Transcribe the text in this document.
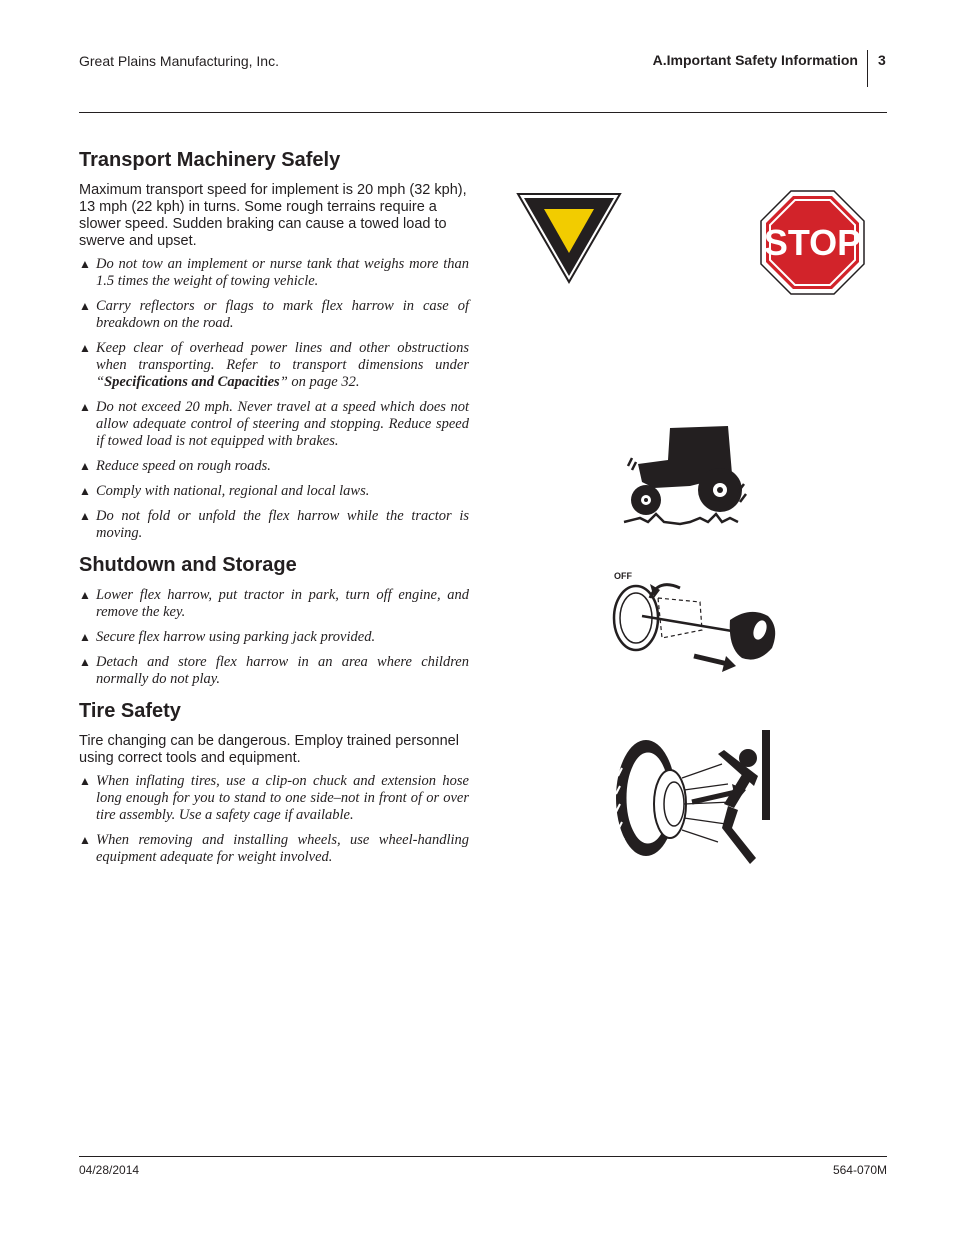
Great Plains Manufacturing, Inc.	A.Important Safety Information 3
Transport Machinery Safely

Maximum transport speed for implement is 20 mph (32 kph), 13 mph (22 kph) in turns. Some rough terrains require a slower speed. Sudden braking can cause a towed load to swerve and upset.

▲ Do not tow an implement or nurse tank that weighs more than 1.5 times the weight of towing vehicle.
▲ Carry reflectors or flags to mark flex harrow in case of breakdown on the road.
▲ Keep clear of overhead power lines and other obstructions when transporting. Refer to transport dimensions under “Specifications and Capacities” on page 32.
▲ Do not exceed 20 mph. Never travel at a speed which does not allow adequate control of steering and stopping. Reduce speed if towed load is not equipped with brakes.
▲ Reduce speed on rough roads.
▲ Comply with national, regional and local laws.
▲ Do not fold or unfold the flex harrow while the tractor is moving.
Shutdown and Storage
▲ Lower flex harrow, put tractor in park, turn off engine, and remove the key.
▲ Secure flex harrow using parking jack provided.
▲ Detach and store flex harrow in an area where children normally do not play.
Tire Safety

Tire changing can be dangerous. Employ trained personnel using correct tools and equipment.

▲ When inflating tires, use a clip-on chuck and extension hose long enough for you to stand to one side–not in front of or over tire assembly. Use a safety cage if available.
▲ When removing and installing wheels, use wheel-handling equipment adequate for weight involved.
STOP
OFF
04/28/2014	564-070M
